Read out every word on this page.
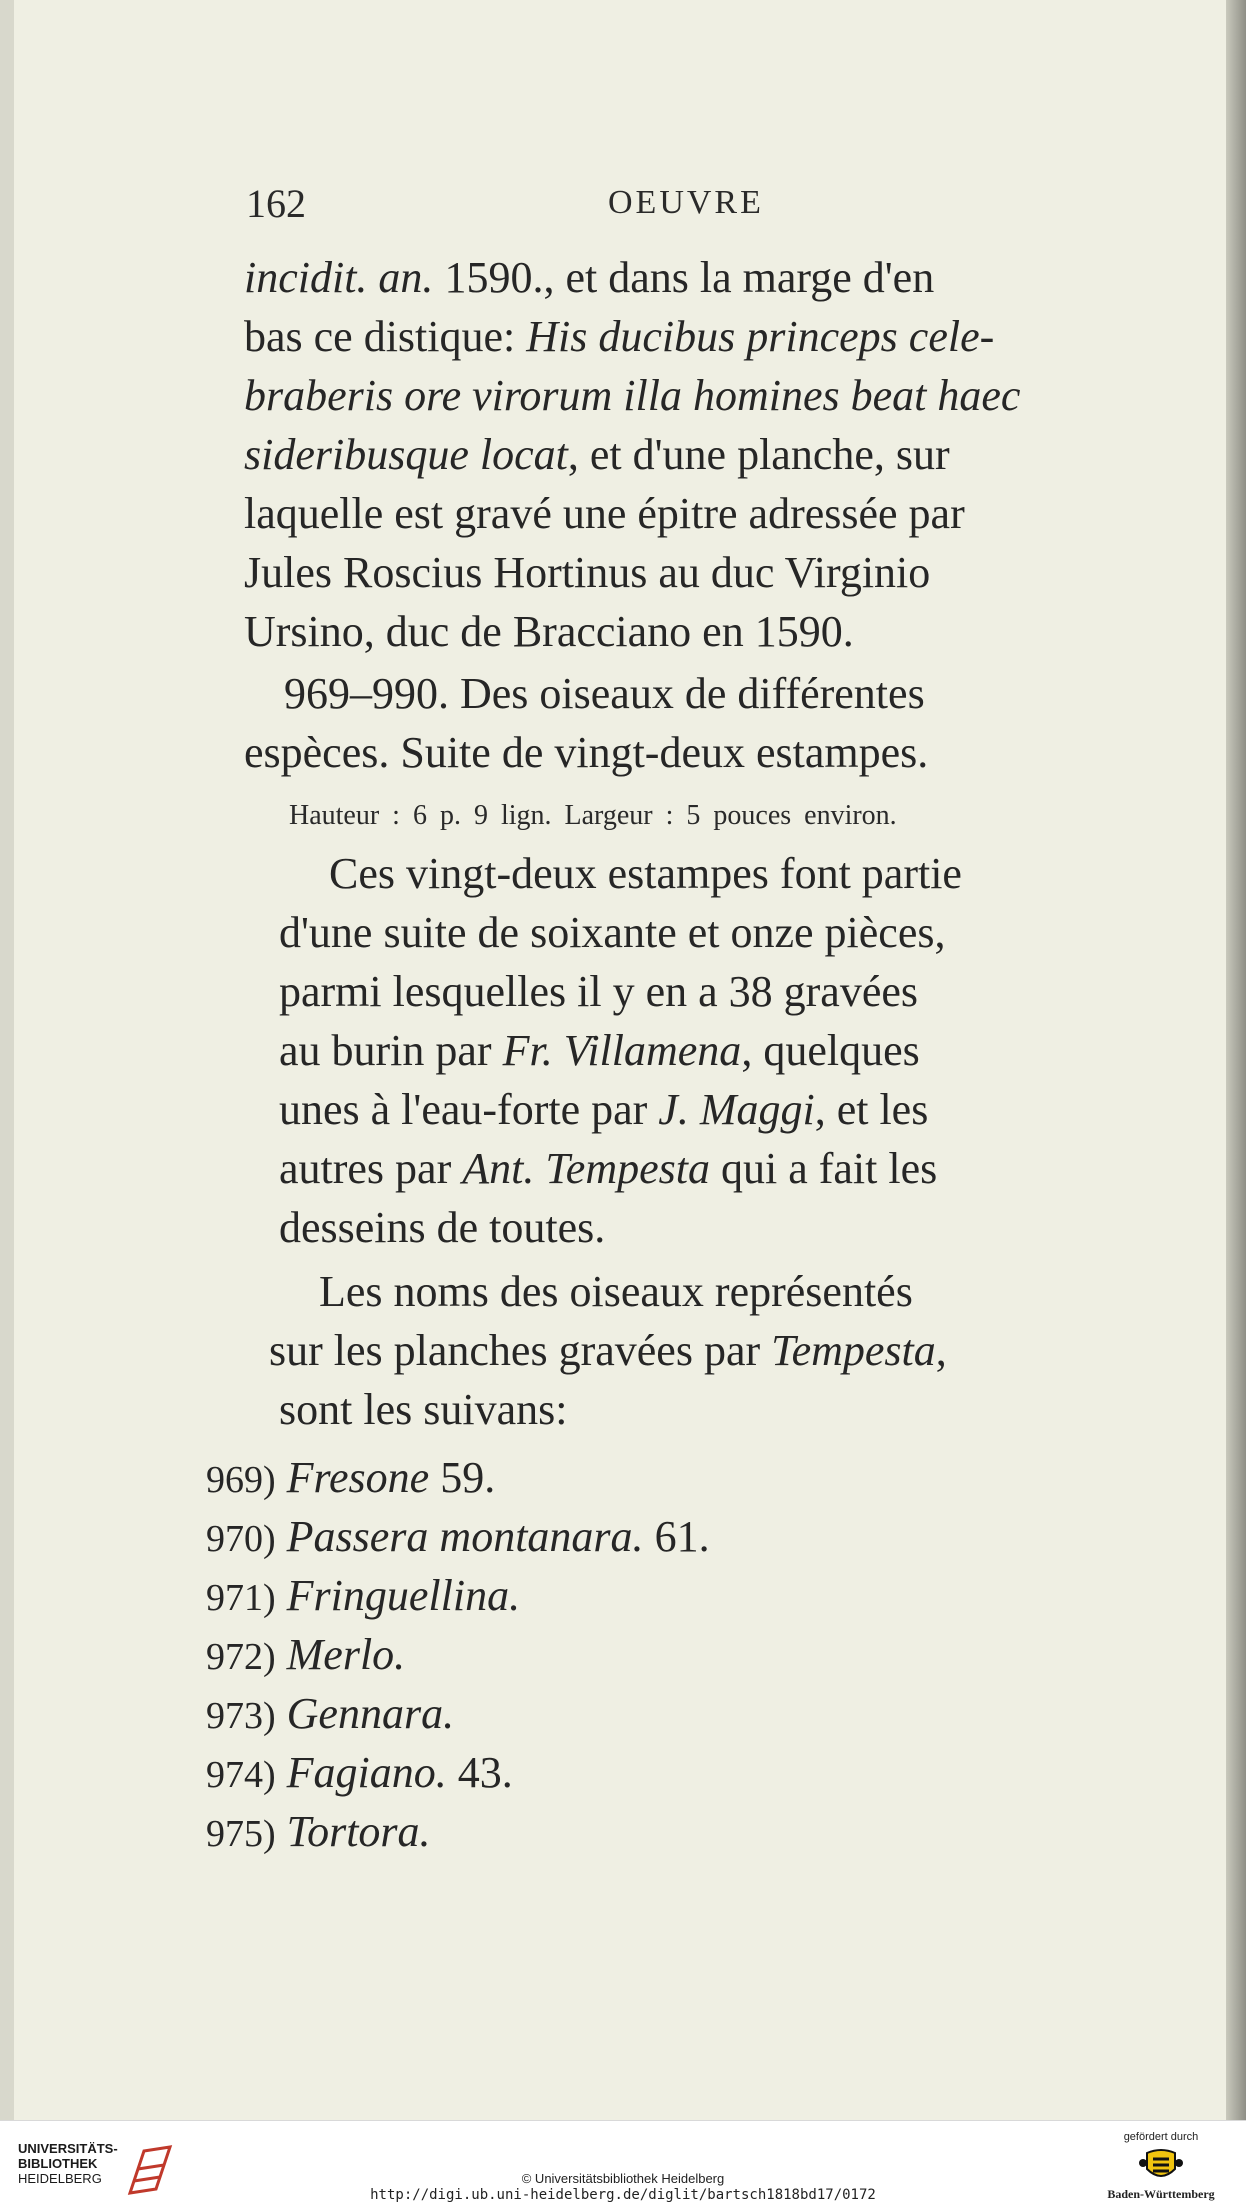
162	OEUVRE
incidit. an. 1590., et dans la marge d'en
bas ce distique: His ducibus princeps cele-
braberis ore virorum illa homines beat haec
sideribusque locat, et d'une planche, sur
laquelle est gravé une épitre adressée par
Jules Roscius Hortinus au duc Virginio
Ursino, duc de Bracciano en 1590.
969–990. Des oiseaux de différentes
espèces. Suite de vingt-deux estampes.
Hauteur : 6 p. 9 lign. Largeur : 5 pouces environ.
Ces vingt-deux estampes font partie
d'une suite de soixante et onze pièces,
parmi lesquelles il y en a 38 gravées
au burin par Fr. Villamena, quelques
unes à l'eau-forte par J. Maggi, et les
autres par Ant. Tempesta qui a fait les
desseins de toutes.
Les noms des oiseaux représentés
sur les planches gravées par Tempesta,
sont les suivans:
969) Fresone 59.
970) Passera montanara. 61.
971) Fringuellina.
972) Merlo.
973) Gennara.
974) Fagiano. 43.
975) Tortora.
UNIVERSITÄTS-
BIBLIOTHEK
HEIDELBERG	© Universitätsbibliothek Heidelberg
http://digi.ub.uni-heidelberg.de/diglit/bartsch1818bd17/0172
gefördert durch
Baden-Württemberg
